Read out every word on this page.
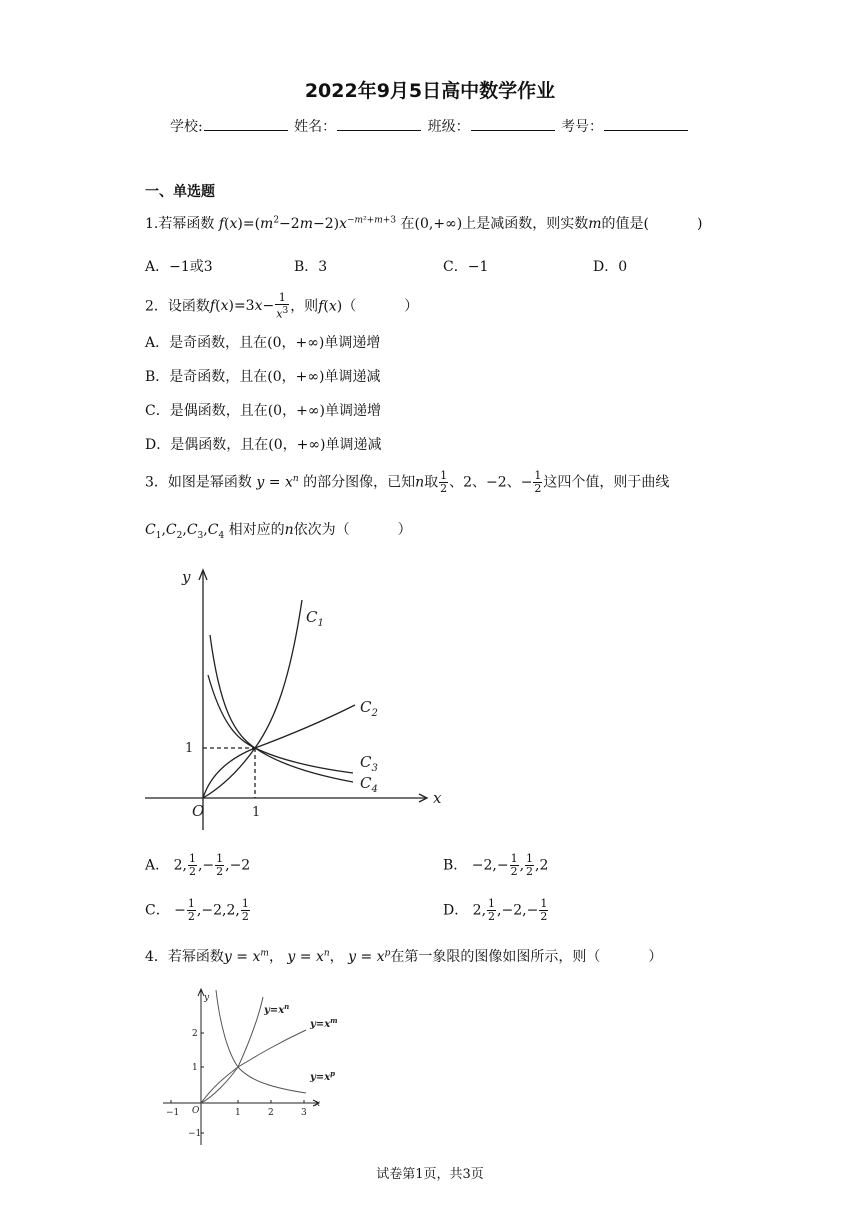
2022年9月5日高中数学作业
学校:	姓名：	班级：	考号：
一、单选题
1.若幂函数 $f(x)=(m^2-2m-2)x^{-m^2+m+3}$ 在(0,+∞)上是减函数，则实数m的值是(	)
A．−1或3	B．3	C．−1	D．0
2．设函数$f(x)=3x- \frac{1}{x^3}$ ，则f(x)（	）
A．是奇函数，且在(0，+∞)单调递增
B．是奇函数，且在(0，+∞)单调递减
C．是偶函数，且在(0，+∞)单调递增
D．是偶函数，且在(0，+∞)单调递减
3．如图是幂函数 $y = x^n$ 的部分图像，已知n取 $\frac{1}{2}$ 、2、−2、− $\frac{1}{2}$ 这四个值，则于曲线
$C_1,C_2,C_3,C_4$ 相对应的n依次为（	）
y
x
O	1
1
$C_1$
$C_2$
$C_3$
$C_4$
A． 2, $\frac{1}{2}$ ,− $\frac{1}{2} ,-2$	B． $-2,- \frac{1}{2}$ , $\frac{1}{2} ,2$
C． − $\frac{1}{2} ,-2,2$, $\frac{1}{2}$	D． 2, $\frac{1}{2} ,-2,- \frac{1}{2}$
4．若幂函数$y = x^m$， $y = x^n$， $y = x^p$在第一象限的图像如图所示，则（	）
−1	1	2	3
2
1
−1
y
x
O
$y=x^n$
$y=x^m$
$y=x^p$
试卷第1页，共3页
